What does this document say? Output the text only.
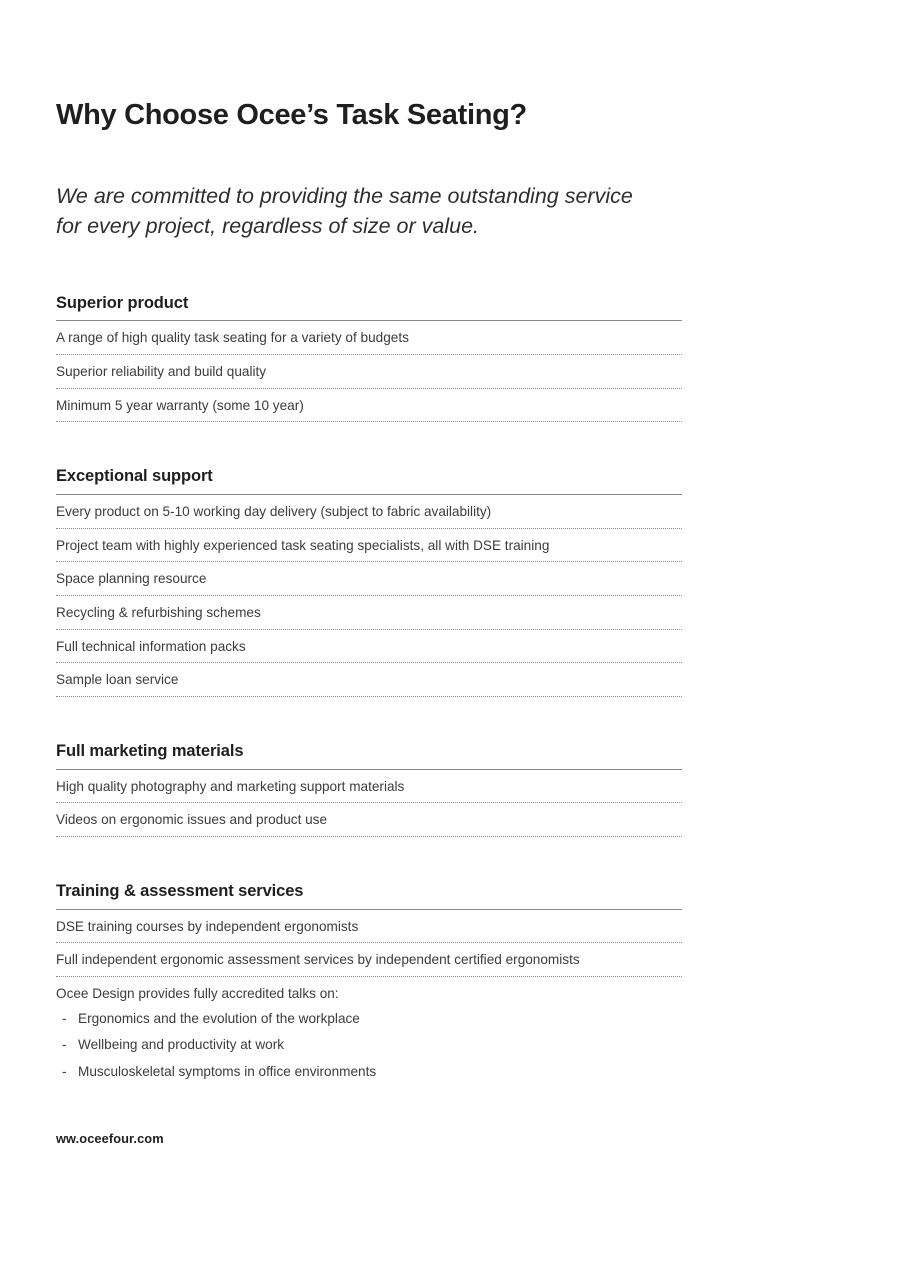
Why Choose Ocee’s Task Seating?

We are committed to providing the same outstanding service for every project, regardless of size or value.

Superior product
A range of high quality task seating for a variety of budgets
Superior reliability and build quality
Minimum 5 year warranty (some 10 year)
Exceptional support
Every product on 5-10 working day delivery (subject to fabric availability)
Project team with highly experienced task seating specialists, all with DSE training
Space planning resource
Recycling & refurbishing schemes
Full technical information packs
Sample loan service
Full marketing materials
High quality photography and marketing support materials
Videos on ergonomic issues and product use
Training & assessment services
DSE training courses by independent ergonomists
Full independent ergonomic assessment services by independent certified ergonomists
Ocee Design provides fully accredited talks on:
- Ergonomics and the evolution of the workplace
- Wellbeing and productivity at work
- Musculoskeletal symptoms in office environments
ww.oceefour.com
